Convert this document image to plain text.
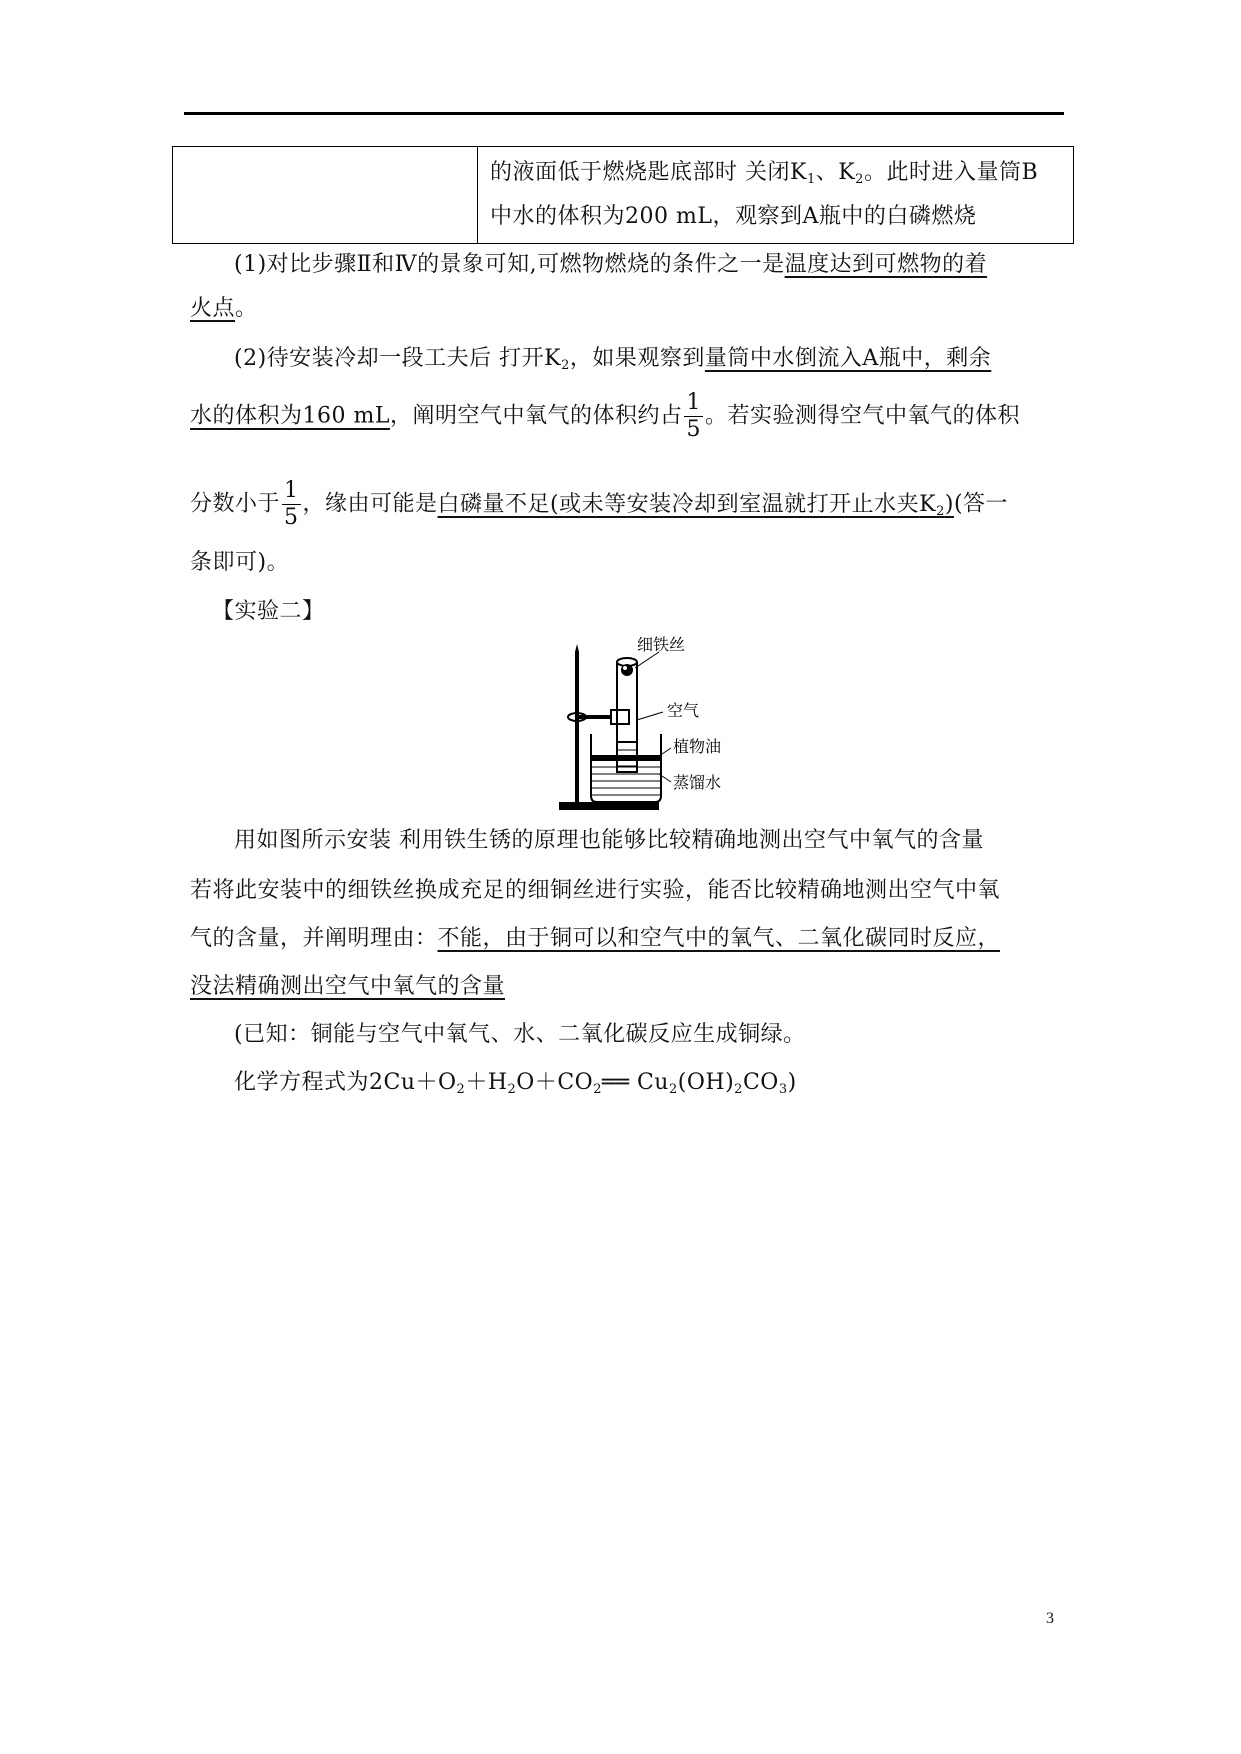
的液面低于燃烧匙底部时 关闭$K_1$、$K_2$。此时进入量筒B
中水的体积为200 mL，观察到A瓶中的白磷燃烧
(1)对比步骤Ⅱ和Ⅳ的景象可知,可燃物燃烧的条件之一是温度达到可燃物的着
火点。
(2)待安装冷却一段工夫后 打开$K_2$，如果观察到量筒中水倒流入A瓶中，剩余
水的体积为160 mL，阐明空气中氧气的体积约占 $\frac{1}{5}$ 。若实验测得空气中氧气的体积
分数小于 $\frac{1}{5}$ ，缘由可能是白磷量不足(或未等安装冷却到室温就打开止水夹$K_2$)(答一
条即可)。
【实验二】
细铁丝
空气
植物油
蒸馏水
用如图所示安装 利用铁生锈的原理也能够比较精确地测出空气中氧气的含量
若将此安装中的细铁丝换成充足的细铜丝进行实验，能否比较精确地测出空气中氧
气的含量，并阐明理由：不能，由于铜可以和空气中的氧气、二氧化碳同时反应，
没法精确测出空气中氧气的含量
(已知：铜能与空气中氧气、水、二氧化碳反应生成铜绿。
化学方程式为$2Cu+O_2+H_2O+CO_2══$ $Cu_2(OH)_2CO_3$)
3
